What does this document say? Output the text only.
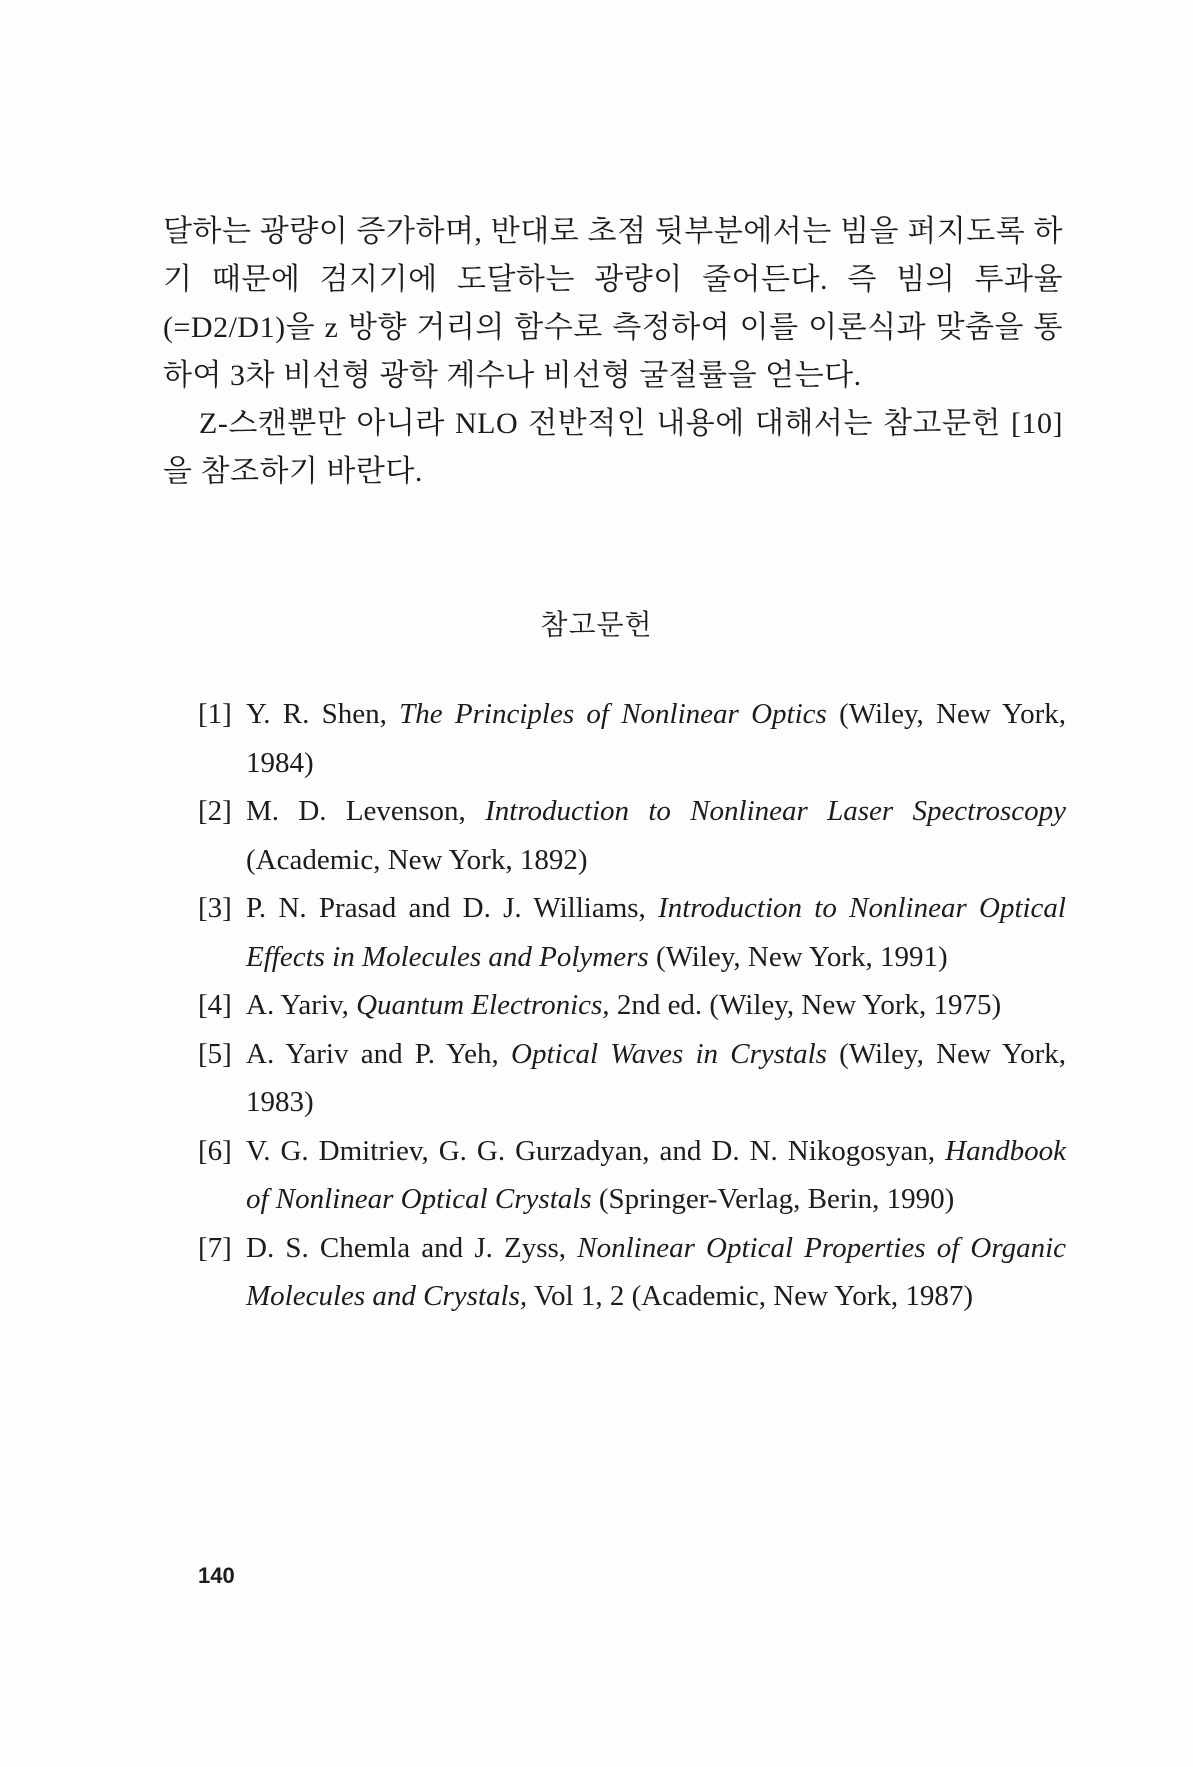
달하는 광량이 증가하며, 반대로 초점 뒷부분에서는 빔을 퍼지도록 하기 때문에 검지기에 도달하는 광량이 줄어든다. 즉 빔의 투과율(=D2/D1)을 z 방향 거리의 함수로 측정하여 이를 이론식과 맞춤을 통하여 3차 비선형 광학 계수나 비선형 굴절률을 얻는다.

Z-스캔뿐만 아니라 NLO 전반적인 내용에 대해서는 참고문헌 [10]을 참조하기 바란다.

참고문헌
[1] Y. R. Shen, The Principles of Nonlinear Optics (Wiley, New York, 1984)
[2] M. D. Levenson, Introduction to Nonlinear Laser Spectroscopy (Academic, New York, 1892)
[3] P. N. Prasad and D. J. Williams, Introduction to Nonlinear Optical Effects in Molecules and Polymers (Wiley, New York, 1991)
[4] A. Yariv, Quantum Electronics, 2nd ed. (Wiley, New York, 1975)
[5] A. Yariv and P. Yeh, Optical Waves in Crystals (Wiley, New York, 1983)
[6] V. G. Dmitriev, G. G. Gurzadyan, and D. N. Nikogosyan, Handbook of Nonlinear Optical Crystals (Springer-Verlag, Berin, 1990)
[7] D. S. Chemla and J. Zyss, Nonlinear Optical Properties of Organic Molecules and Crystals, Vol 1, 2 (Academic, New York, 1987)
140
